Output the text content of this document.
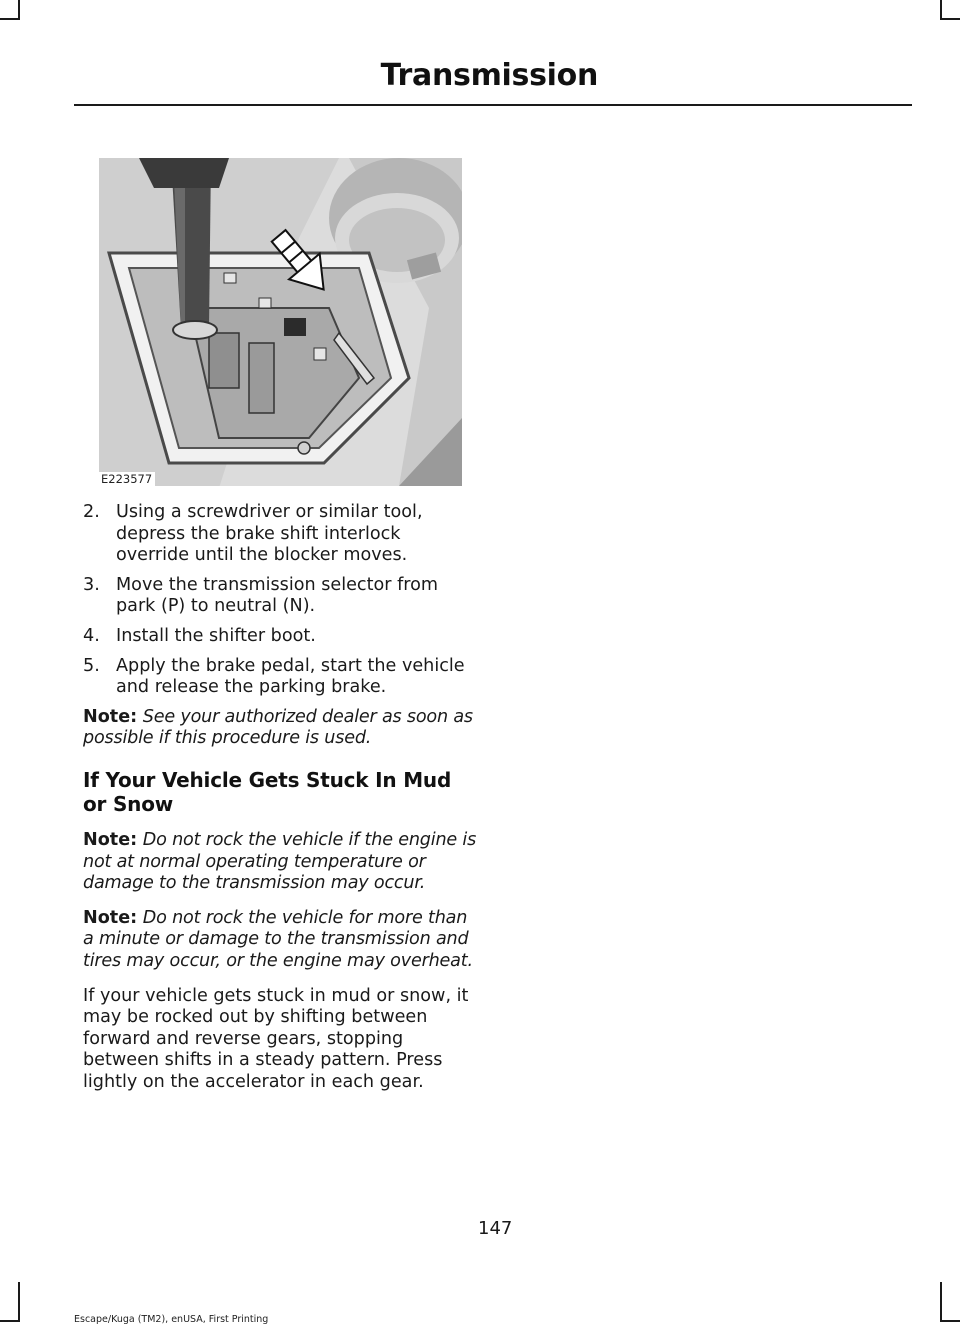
Transmission
E223577
2. Using a screwdriver or similar tool, depress the brake shift interlock override until the blocker moves.
3. Move the transmission selector from park (P) to neutral (N).
4. Install the shifter boot.
5. Apply the brake pedal, start the vehicle and release the parking brake.

Note: See your authorized dealer as soon as possible if this procedure is used.

If Your Vehicle Gets Stuck In Mud or Snow

Note: Do not rock the vehicle if the engine is not at normal operating temperature or damage to the transmission may occur.

Note: Do not rock the vehicle for more than a minute or damage to the transmission and tires may occur, or the engine may overheat.

If your vehicle gets stuck in mud or snow, it may be rocked out by shifting between forward and reverse gears, stopping between shifts in a steady pattern. Press lightly on the accelerator in each gear.

147
Escape/Kuga (TM2), enUSA, First Printing
